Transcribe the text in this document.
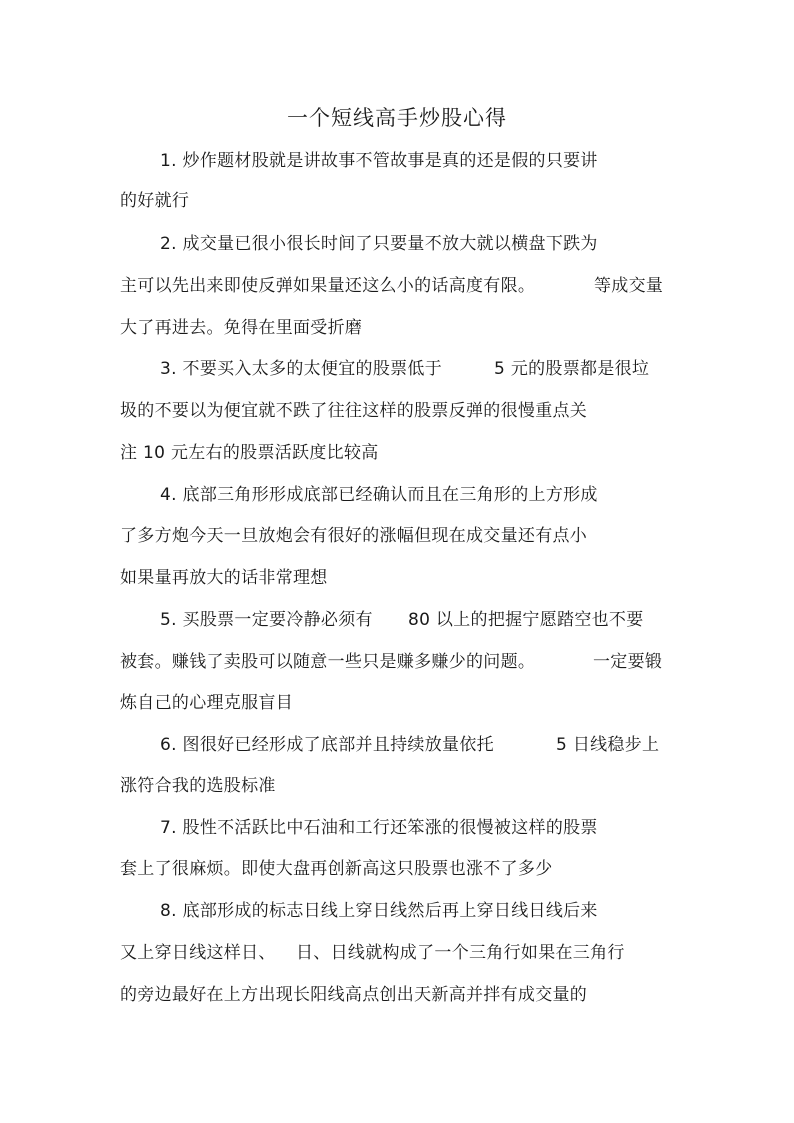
一个短线高手炒股心得
1. 炒作题材股就是讲故事不管故事是真的还是假的只要讲
的好就行
2. 成交量已很小很长时间了只要量不放大就以横盘下跌为
主可以先出来即使反弹如果量还这么小的话高度有限。	等成交量
大了再进去。免得在里面受折磨
3. 不要买入太多的太便宜的股票低于	5 元的股票都是很垃
圾的不要以为便宜就不跌了往往这样的股票反弹的很慢重点关
注 10 元左右的股票活跃度比较高
4. 底部三角形形成底部已经确认而且在三角形的上方形成
了多方炮今天一旦放炮会有很好的涨幅但现在成交量还有点小
如果量再放大的话非常理想
5. 买股票一定要冷静必须有 80 以上的把握宁愿踏空也不要
被套。赚钱了卖股可以随意一些只是赚多赚少的问题。	一定要锻
炼自己的心理克服盲目
6. 图很好已经形成了底部并且持续放量依托	5 日线稳步上
涨符合我的选股标准
7. 股性不活跃比中石油和工行还笨涨的很慢被这样的股票
套上了很麻烦。即使大盘再创新高这只股票也涨不了多少
8. 底部形成的标志日线上穿日线然后再上穿日线日线后来
又上穿日线这样日、 日、日线就构成了一个三角行如果在三角行
的旁边最好在上方出现长阳线高点创出天新高并拌有成交量的
